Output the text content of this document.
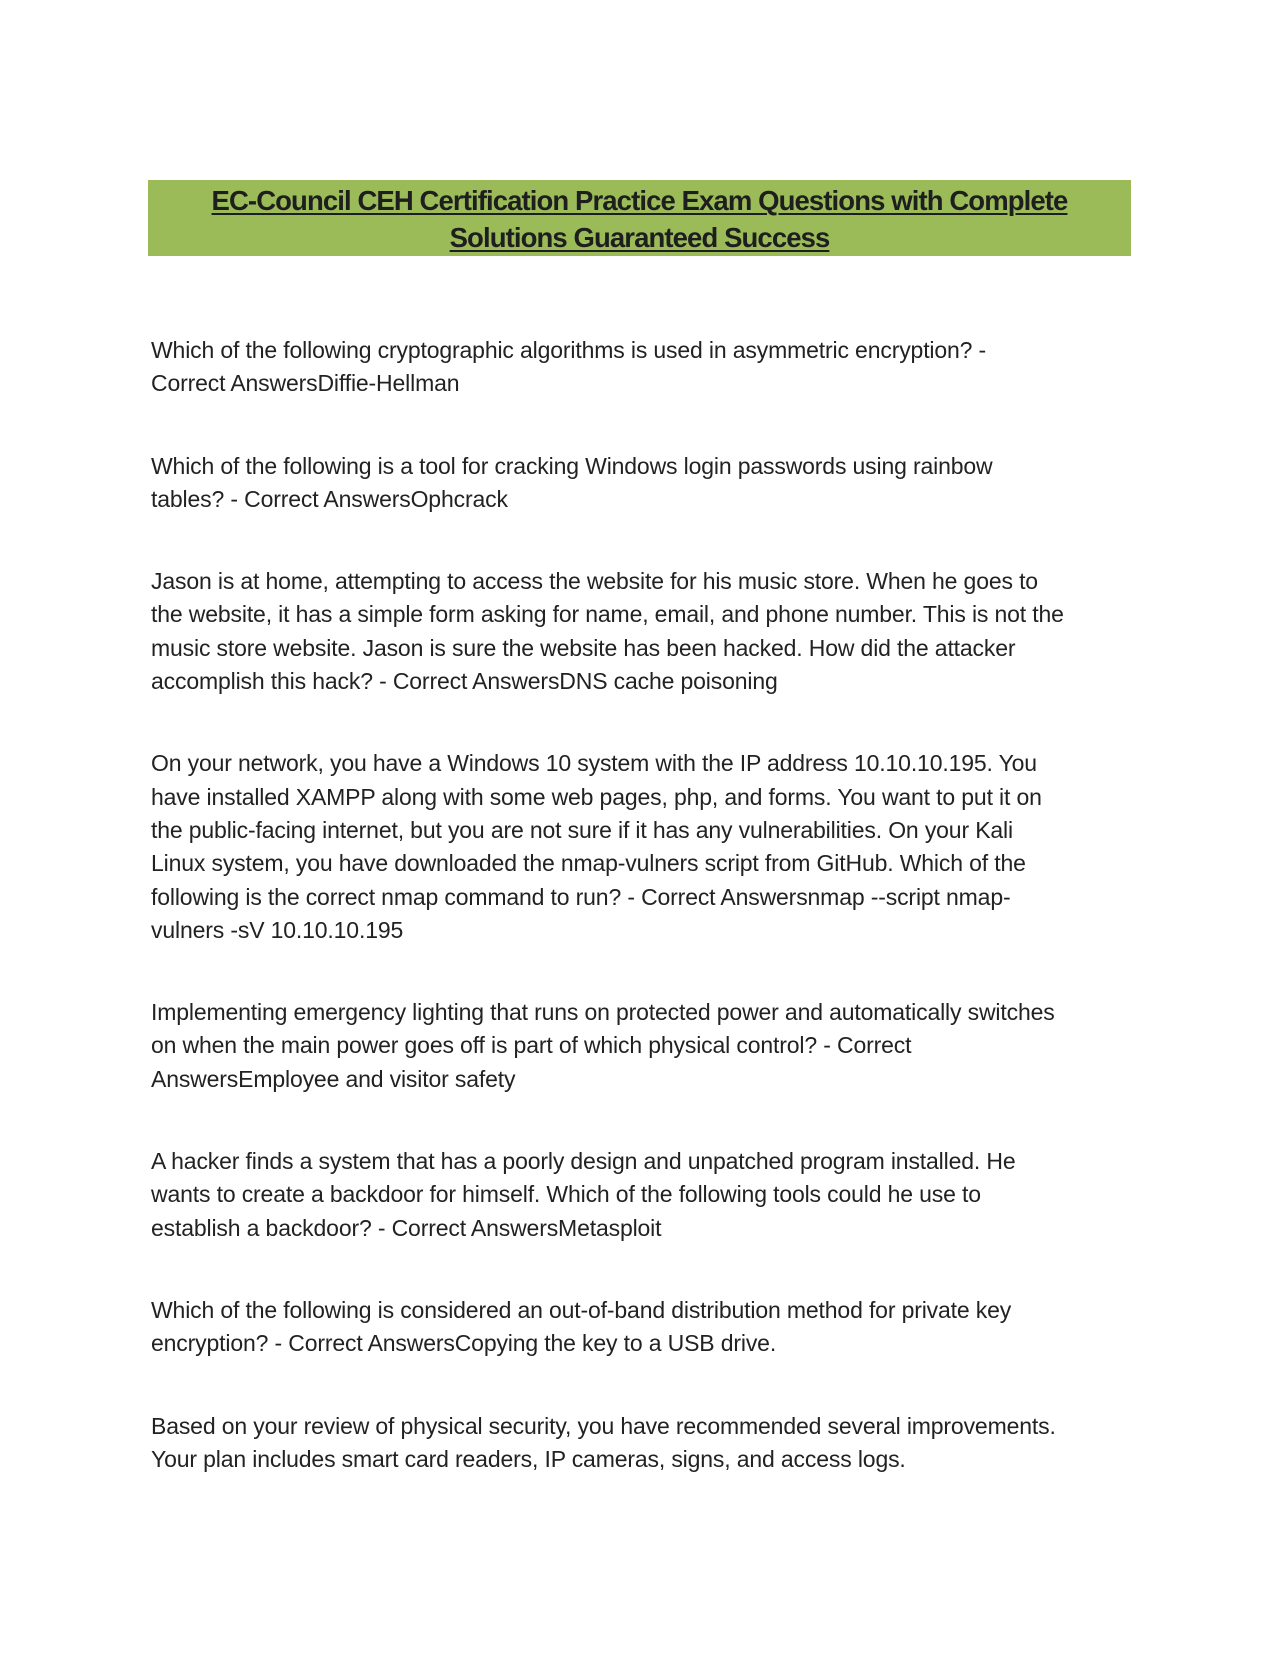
EC-Council CEH Certification Practice Exam Questions with Complete
Solutions Guaranteed Success

Which of the following cryptographic algorithms is used in asymmetric encryption? -
Correct AnswersDiffie-Hellman

Which of the following is a tool for cracking Windows login passwords using rainbow
tables? - Correct AnswersOphcrack

Jason is at home, attempting to access the website for his music store. When he goes to
the website, it has a simple form asking for name, email, and phone number. This is not the
music store website. Jason is sure the website has been hacked. How did the attacker
accomplish this hack? - Correct AnswersDNS cache poisoning

On your network, you have a Windows 10 system with the IP address 10.10.10.195. You
have installed XAMPP along with some web pages, php, and forms. You want to put it on
the public-facing internet, but you are not sure if it has any vulnerabilities. On your Kali
Linux system, you have downloaded the nmap-vulners script from GitHub. Which of the
following is the correct nmap command to run? - Correct Answersnmap --script nmap-
vulners -sV 10.10.10.195

Implementing emergency lighting that runs on protected power and automatically switches
on when the main power goes off is part of which physical control? - Correct
AnswersEmployee and visitor safety

A hacker finds a system that has a poorly design and unpatched program installed. He
wants to create a backdoor for himself. Which of the following tools could he use to
establish a backdoor? - Correct AnswersMetasploit

Which of the following is considered an out-of-band distribution method for private key
encryption? - Correct AnswersCopying the key to a USB drive.

Based on your review of physical security, you have recommended several improvements.
Your plan includes smart card readers, IP cameras, signs, and access logs.
